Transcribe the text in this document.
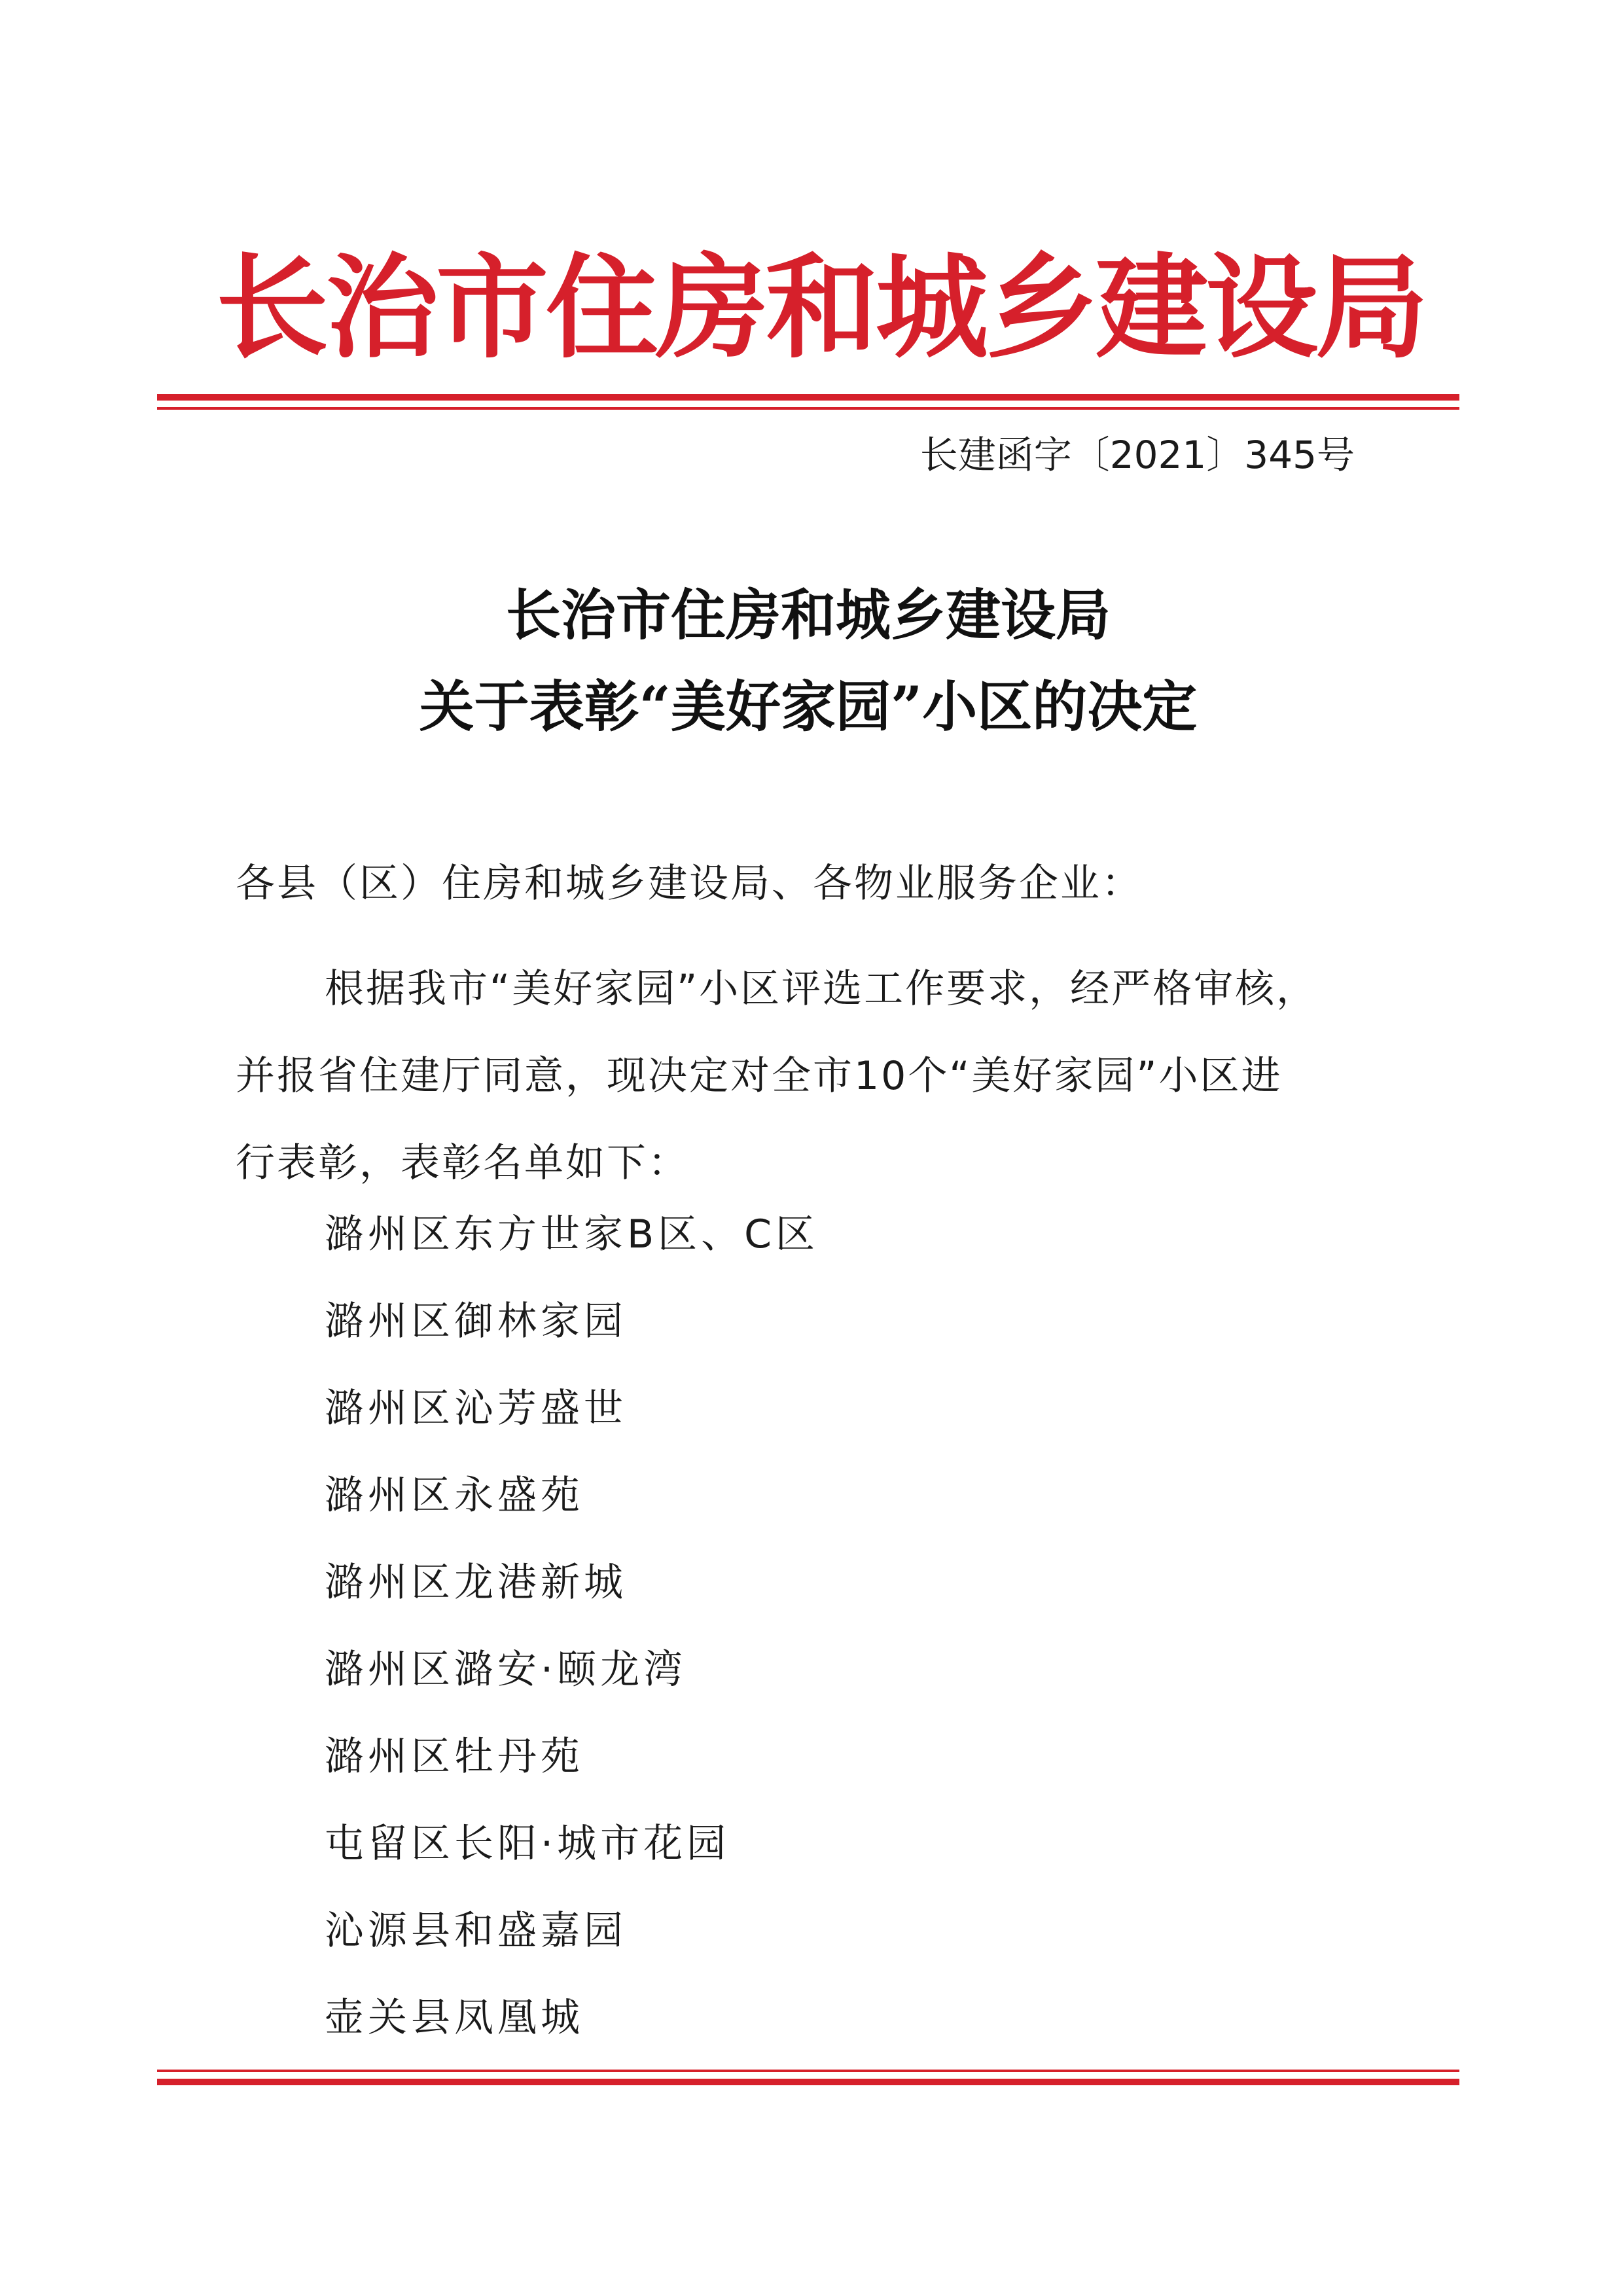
长
治
市
住
房
和
城
乡
建
设
局
长建函字〔2021〕345号
长治市住房和城乡建设局
关于表彰“美好家园”小区的决定
各县（区）住房和城乡建设局、各物业服务企业：
根据我市“美好家园”小区评选工作要求，经严格审核，
并报省住建厅同意，现决定对全市10个“美好家园”小区进
行表彰，表彰名单如下：
潞州区东方世家B区、C区
潞州区御林家园
潞州区沁芳盛世
潞州区永盛苑
潞州区龙港新城
潞州区潞安·颐龙湾
潞州区牡丹苑
屯留区长阳·城市花园
沁源县和盛嘉园
壶关县凤凰城
